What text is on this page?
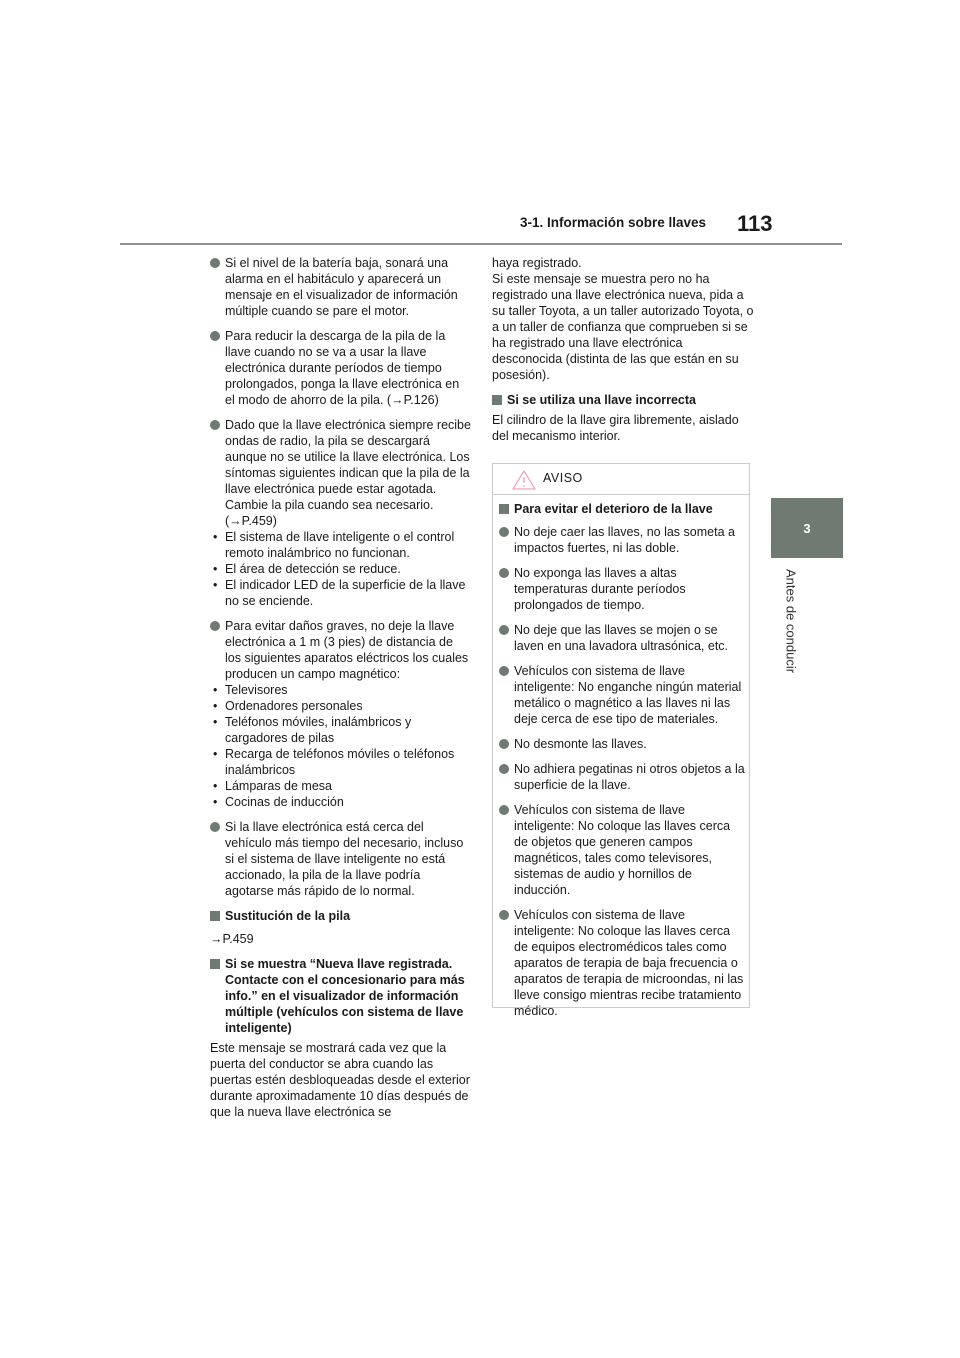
3-1. Información sobre llaves 113
3
Antes de conducir
Si el nivel de la batería baja, sonará una alarma en el habitáculo y aparecerá un mensaje en el visualizador de información múltiple cuando se pare el motor.
Para reducir la descarga de la pila de la llave cuando no se va a usar la llave electrónica durante períodos de tiempo prolongados, ponga la llave electrónica en el modo de ahorro de la pila. (→P.126)
Dado que la llave electrónica siempre recibe ondas de radio, la pila se descargará aunque no se utilice la llave electrónica. Los síntomas siguientes indican que la pila de la llave electrónica puede estar agotada. Cambie la pila cuando sea necesario. (→P.459)
• El sistema de llave inteligente o el control remoto inalámbrico no funcionan.
• El área de detección se reduce.
• El indicador LED de la superficie de la llave no se enciende.
Para evitar daños graves, no deje la llave electrónica a 1 m (3 pies) de distancia de los siguientes aparatos eléctricos los cuales producen un campo magnético:
• Televisores
• Ordenadores personales
• Teléfonos móviles, inalámbricos y cargadores de pilas
• Recarga de teléfonos móviles o teléfonos inalámbricos
• Lámparas de mesa
• Cocinas de inducción
Si la llave electrónica está cerca del vehículo más tiempo del necesario, incluso si el sistema de llave inteligente no está accionado, la pila de la llave podría agotarse más rápido de lo normal.
Sustitución de la pila
→P.459
Si se muestra “Nueva llave registrada. Contacte con el concesionario para más info.” en el visualizador de información múltiple (vehículos con sistema de llave inteligente)
Este mensaje se mostrará cada vez que la puerta del conductor se abra cuando las puertas estén desbloqueadas desde el exterior durante aproximadamente 10 días después de que la nueva llave electrónica se
haya registrado.
Si este mensaje se muestra pero no ha registrado una llave electrónica nueva, pida a su taller Toyota, a un taller autorizado Toyota, o a un taller de confianza que comprueben si se ha registrado una llave electrónica desconocida (distinta de las que están en su posesión).
Si se utiliza una llave incorrecta
El cilindro de la llave gira libremente, aislado del mecanismo interior.
AVISO
Para evitar el deterioro de la llave
No deje caer las llaves, no las someta a impactos fuertes, ni las doble.
No exponga las llaves a altas temperaturas durante períodos prolongados de tiempo.
No deje que las llaves se mojen o se laven en una lavadora ultrasónica, etc.
Vehículos con sistema de llave inteligente: No enganche ningún material metálico o magnético a las llaves ni las deje cerca de ese tipo de materiales.
No desmonte las llaves.
No adhiera pegatinas ni otros objetos a la superficie de la llave.
Vehículos con sistema de llave inteligente: No coloque las llaves cerca de objetos que generen campos magnéticos, tales como televisores, sistemas de audio y hornillos de inducción.
Vehículos con sistema de llave inteligente: No coloque las llaves cerca de equipos electromédicos tales como aparatos de terapia de baja frecuencia o aparatos de terapia de microondas, ni las lleve consigo mientras recibe tratamiento médico.
